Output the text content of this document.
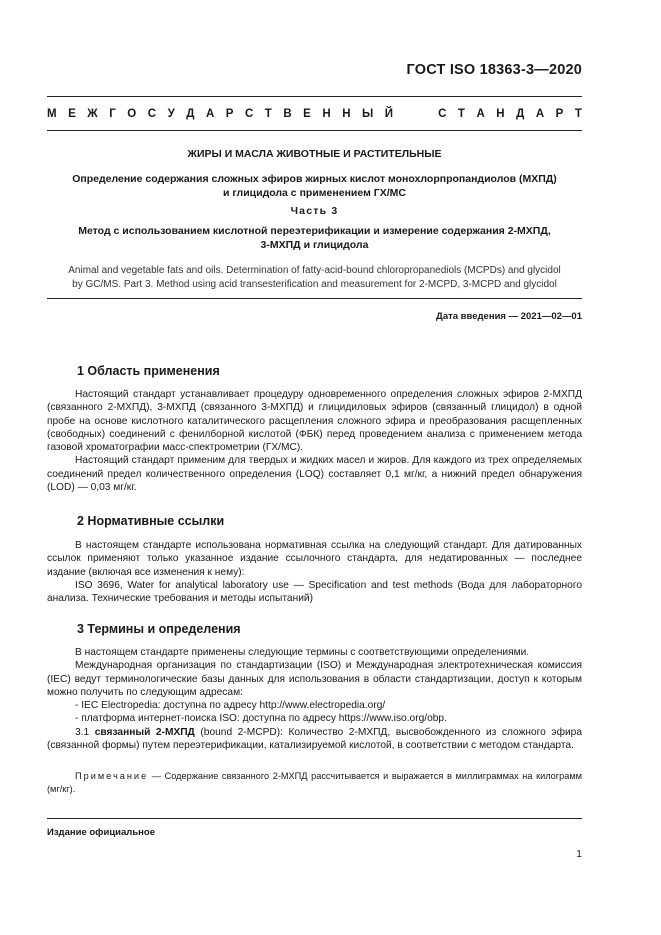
ГОСТ ISO 18363-3—2020
М Е Ж Г О С У Д А Р С Т В Е Н Н Ы Й	С Т А Н Д А Р Т
ЖИРЫ И МАСЛА ЖИВОТНЫЕ И РАСТИТЕЛЬНЫЕ
Определение содержания сложных эфиров жирных кислот монохлорпропандиолов (МХПД)
и глицидола с применением ГХ/МС
Часть 3
Метод с использованием кислотной переэтерификации и измерение содержания 2-МХПД,
3-МХПД и глицидола
Animal and vegetable fats and oils. Determination of fatty-acid-bound chloropropanediols (MCPDs) and glycidol
by GC/MS. Part 3. Method using acid transesterification and measurement for 2-MCPD, 3-MCPD and glycidol
Дата введения — 2021—02—01
1 Область применения

Настоящий стандарт устанавливает процедуру одновременного определения сложных эфиров 2-МХПД (связанного 2-МХПД), 3-МХПД (связанного 3-МХПД) и глицидиловых эфиров (связанный глицидол) в одной пробе на основе кислотного каталитического расщепления сложного эфира и преобразования расщепленных (свободных) соединений с фенилборной кислотой (ФБК) перед проведением анализа с применением метода газовой хроматографии масс-спектрометрии (ГХ/МС).

Настоящий стандарт применим для твердых и жидких масел и жиров. Для каждого из трех определяемых соединений предел количественного определения (LOQ) составляет 0,1 мг/кг, а нижний предел обнаружения (LOD) — 0,03 мг/кг.

2 Нормативные ссылки

В настоящем стандарте использована нормативная ссылка на следующий стандарт. Для датированных ссылок применяют только указанное издание ссылочного стандарта, для недатированных — последнее издание (включая все изменения к нему):

ISO 3696, Water for analytical laboratory use — Specification and test methods (Вода для лабораторного анализа. Технические требования и методы испытаний)

3 Термины и определения

В настоящем стандарте применены следующие термины с соответствующими определениями.

Международная организация по стандартизации (ISO) и Международная электротехническая комиссия (IEC) ведут терминологические базы данных для использования в области стандартизации, доступ к которым можно получить по следующим адресам:

- IEC Electropedia: доступна по адресу http://www.electropedia.org/

- платформа интернет-поиска ISO: доступна по адресу https://www.iso.org/obp.

3.1 связанный 2-МХПД (bound 2-MCPD): Количество 2-МХПД, высвобожденного из сложного эфира (связанной формы) путем переэтерификации, катализируемой кислотой, в соответствии с методом стандарта.

Примечание — Содержание связанного 2-МХПД рассчитывается и выражается в миллиграммах на килограмм (мг/кг).

Издание официальное
1
